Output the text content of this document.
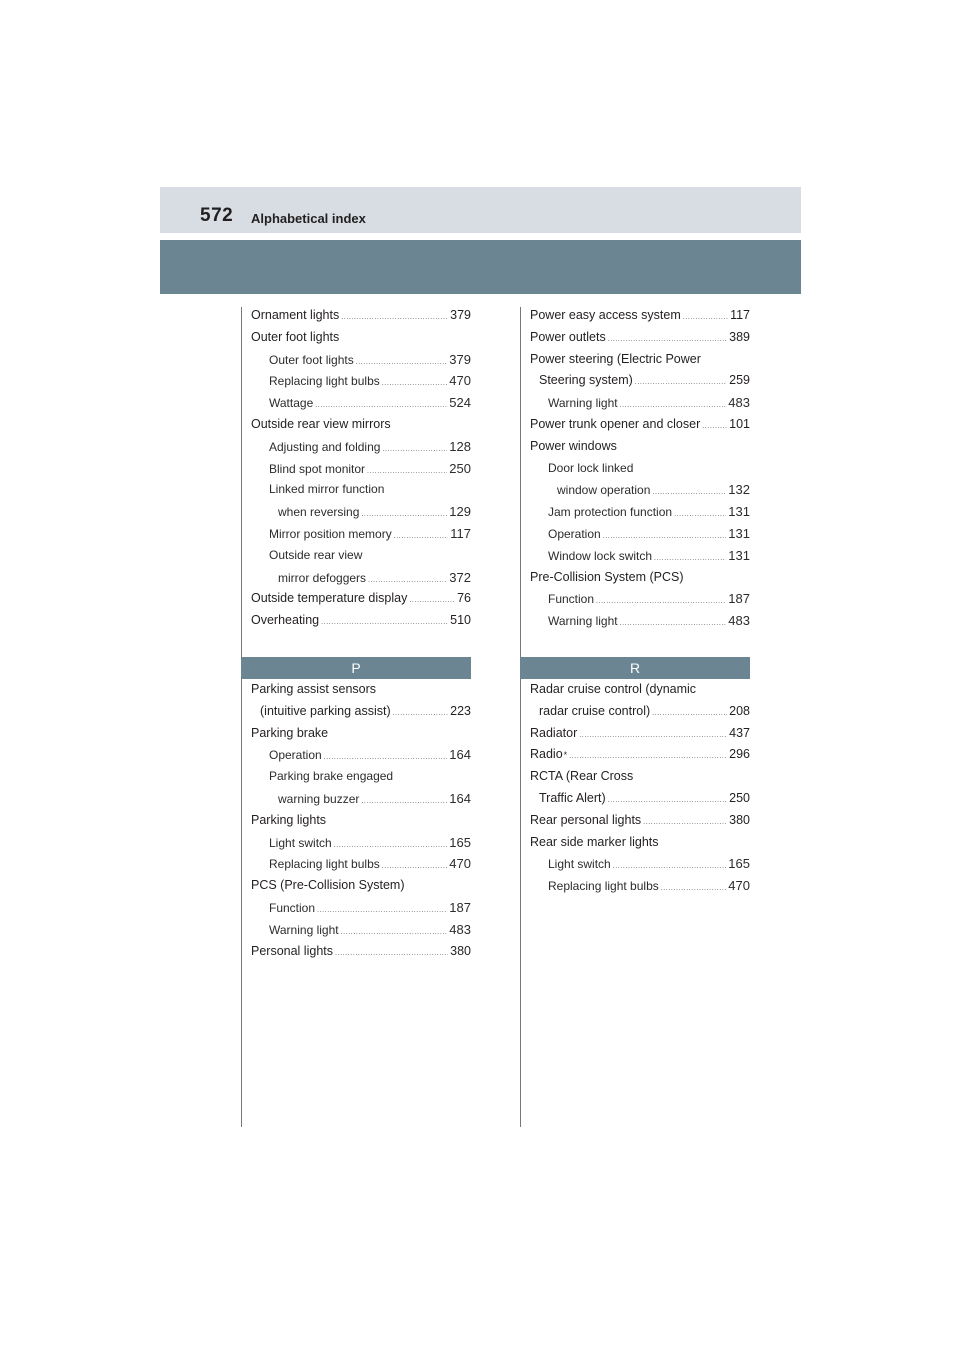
572 Alphabetical index
Ornament lights .....	379
Outer foot lights
Outer foot lights .....	379
Replacing light bulbs .....	470
Wattage .....	524
Outside rear view mirrors
Adjusting and folding .....	128
Blind spot monitor .....	250
Linked mirror function
when reversing .....	129
Mirror position memory .....	117
Outside rear view
mirror defoggers .....	372
Outside temperature display .....	76
Overheating .....	510
P
Parking assist sensors
(intuitive parking assist) .....	223
Parking brake
Operation .....	164
Parking brake engaged
warning buzzer .....	164
Parking lights
Light switch .....	165
Replacing light bulbs .....	470
PCS (Pre-Collision System)
Function .....	187
Warning light .....	483
Personal lights .....	380
Power easy access system .....	117
Power outlets .....	389
Power steering (Electric Power
Steering system) .....	259
Warning light .....	483
Power trunk opener and closer ..... 101
Power windows
Door lock linked
window operation .....	132
Jam protection function .....	131
Operation .....	131
Window lock switch .....	131
Pre-Collision System (PCS)
Function .....	187
Warning light .....	483
R
Radar cruise control (dynamic
radar cruise control) .....	208
Radiator .....	437
Radio * .....	296
RCTA (Rear Cross
Traffic Alert) .....	250
Rear personal lights .....	380
Rear side marker lights
Light switch .....	165
Replacing light bulbs .....	470
